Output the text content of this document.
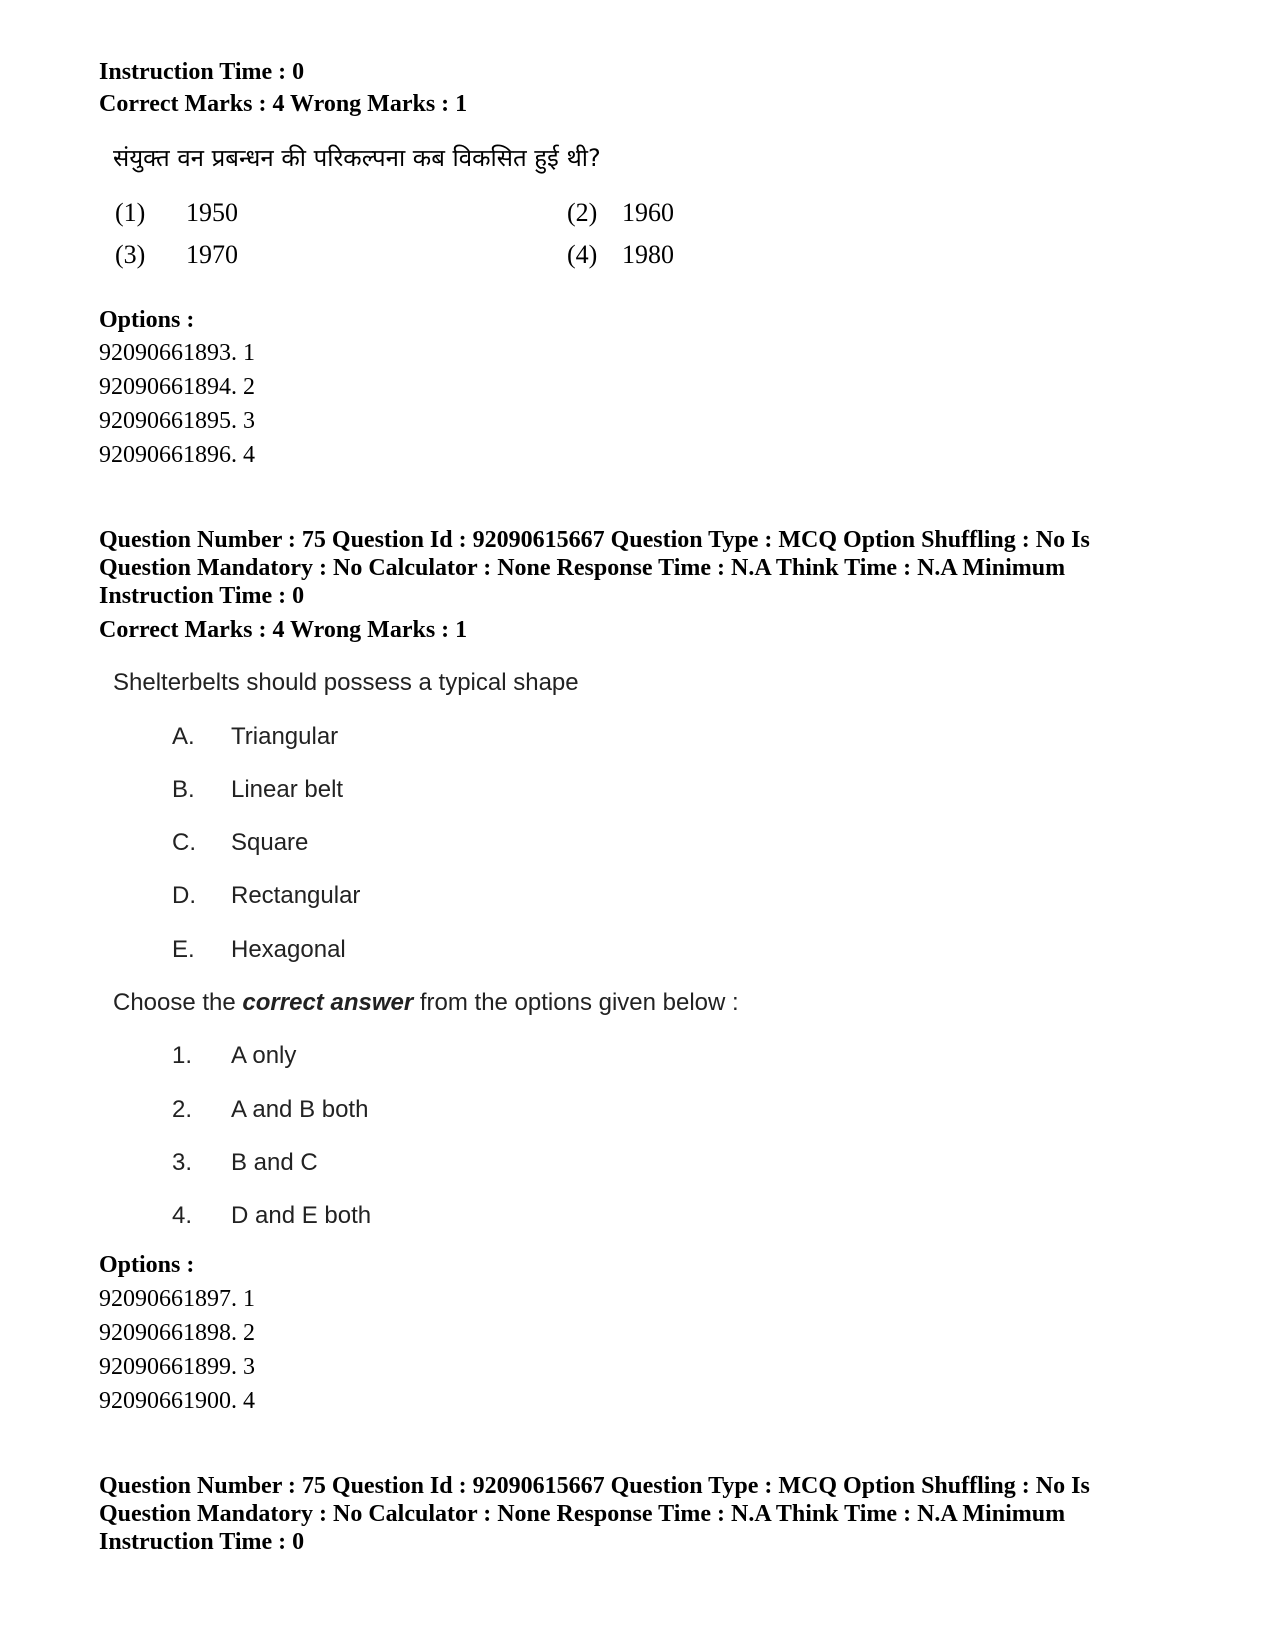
Instruction Time : 0
Correct Marks : 4 Wrong Marks : 1
संयुक्त वन प्रबन्धन की परिकल्पना कब विकसित हुई थी?
(1) 1950	(2) 1960
(3) 1970	(4) 1980
Options :
92090661893. 1
92090661894. 2
92090661895. 3
92090661896. 4
Question Number : 75 Question Id : 92090615667 Question Type : MCQ Option Shuffling : No Is
Question Mandatory : No Calculator : None Response Time : N.A Think Time : N.A Minimum
Instruction Time : 0
Correct Marks : 4 Wrong Marks : 1
Shelterbelts should possess a typical shape
A. Triangular
B. Linear belt
C. Square
D. Rectangular
E. Hexagonal
Choose the correct answer from the options given below :
1. A only
2. A and B both
3. B and C
4. D and E both
Options :
92090661897. 1
92090661898. 2
92090661899. 3
92090661900. 4
Question Number : 75 Question Id : 92090615667 Question Type : MCQ Option Shuffling : No Is
Question Mandatory : No Calculator : None Response Time : N.A Think Time : N.A Minimum
Instruction Time : 0
